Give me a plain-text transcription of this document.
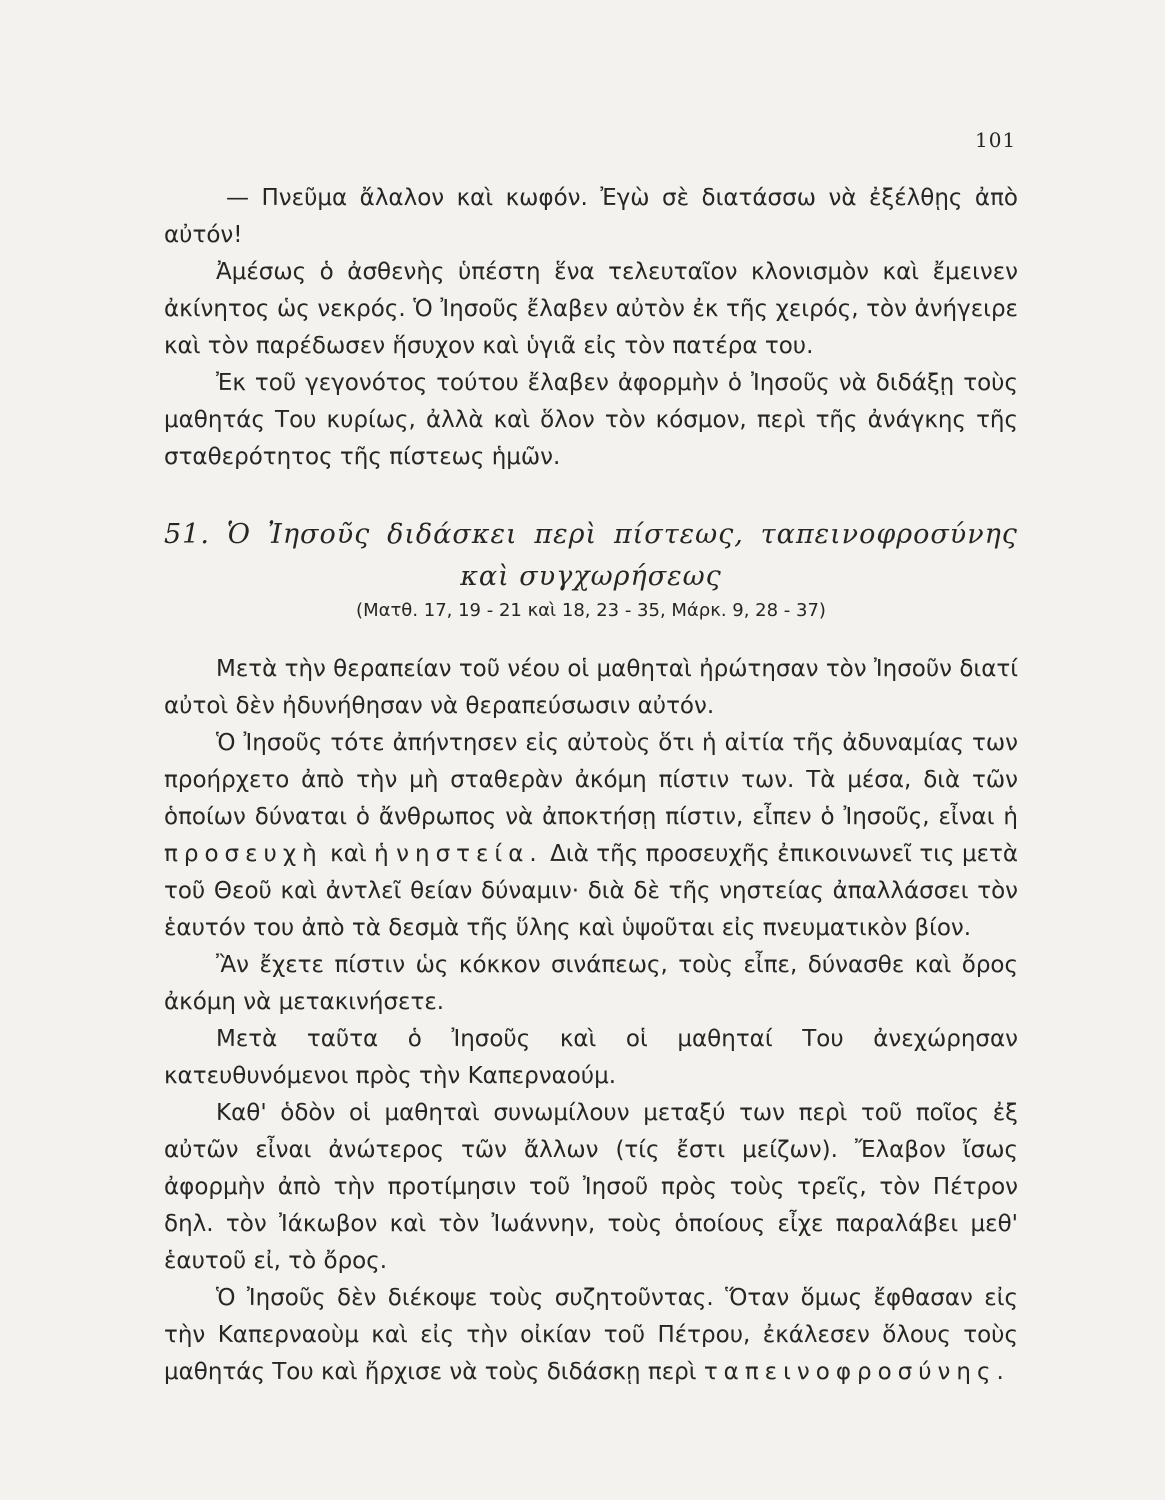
101

— Πνεῦμα ἄλαλον καὶ κωφόν. Ἐγὼ σὲ διατάσσω νὰ ἐξέλθῃς ἀπὸ αὐτόν!

Ἀμέσως ὁ ἀσθενὴς ὑπέστη ἕνα τελευταῖον κλονισμὸν καὶ ἔμεινεν ἀκίνητος ὡς νεκρός. Ὁ Ἰησοῦς ἔλαβεν αὐτὸν ἐκ τῆς χειρός, τὸν ἀνήγειρε καὶ τὸν παρέδωσεν ἥσυχον καὶ ὑγιᾶ εἰς τὸν πατέρα του.

Ἐκ τοῦ γεγονότος τούτου ἔλαβεν ἀφορμὴν ὁ Ἰησοῦς νὰ διδάξῃ τοὺς μαθητάς Του κυρίως, ἀλλὰ καὶ ὅλον τὸν κόσμον, περὶ τῆς ἀνάγκης τῆς σταθερότητος τῆς πίστεως ἡμῶν.

51. Ὁ Ἰησοῦς διδάσκει περὶ πίστεως, ταπεινοφροσύνης
καὶ συγχωρήσεως
(Ματθ. 17, 19 - 21 καὶ 18, 23 - 35, Μάρκ. 9, 28 - 37)

Μετὰ τὴν θεραπείαν τοῦ νέου οἱ μαθηταὶ ἠρώτησαν τὸν Ἰησοῦν διατί αὐτοὶ δὲν ἠδυνήθησαν νὰ θεραπεύσωσιν αὐτόν.

Ὁ Ἰησοῦς τότε ἀπήντησεν εἰς αὐτοὺς ὅτι ἡ αἰτία τῆς ἀδυναμίας των προήρχετο ἀπὸ τὴν μὴ σταθερὰν ἀκόμη πίστιν των. Τὰ μέσα, διὰ τῶν ὁποίων δύναται ὁ ἄνθρωπος νὰ ἀποκτήσῃ πίστιν, εἶπεν ὁ Ἰησοῦς, εἶναι ἡ προσευχὴ καὶ ἡ νηστεία. Διὰ τῆς προσευχῆς ἐπικοινωνεῖ τις μετὰ τοῦ Θεοῦ καὶ ἀντλεῖ θείαν δύναμιν· διὰ δὲ τῆς νηστείας ἀπαλλάσσει τὸν ἑαυτόν του ἀπὸ τὰ δεσμὰ τῆς ὕλης καὶ ὑψοῦται εἰς πνευματικὸν βίον.

Ἂν ἔχετε πίστιν ὡς κόκκον σινάπεως, τοὺς εἶπε, δύνασθε καὶ ὄρος ἀκόμη νὰ μετακινήσετε.

Μετὰ ταῦτα ὁ Ἰησοῦς καὶ οἱ μαθηταί Του ἀνεχώρησαν κατευθυνόμενοι πρὸς τὴν Καπερναούμ.

Καθ' ὁδὸν οἱ μαθηταὶ συνωμίλουν μεταξύ των περὶ τοῦ ποῖος ἐξ αὐτῶν εἶναι ἀνώτερος τῶν ἄλλων (τίς ἔστι μείζων). Ἔλαβον ἴσως ἀφορμὴν ἀπὸ τὴν προτίμησιν τοῦ Ἰησοῦ πρὸς τοὺς τρεῖς, τὸν Πέτρον δηλ. τὸν Ἰάκωβον καὶ τὸν Ἰωάννην, τοὺς ὁποίους εἶχε παραλάβει μεθ' ἑαυτοῦ εἰ, τὸ ὄρος.

Ὁ Ἰησοῦς δὲν διέκοψε τοὺς συζητοῦντας. Ὅταν ὅμως ἔφθασαν εἰς τὴν Καπερναοὺμ καὶ εἰς τὴν οἰκίαν τοῦ Πέτρου, ἐκάλεσεν ὅλους τοὺς μαθητάς Του καὶ ἤρχισε νὰ τοὺς διδάσκῃ περὶ ταπεινοφροσύνης.
